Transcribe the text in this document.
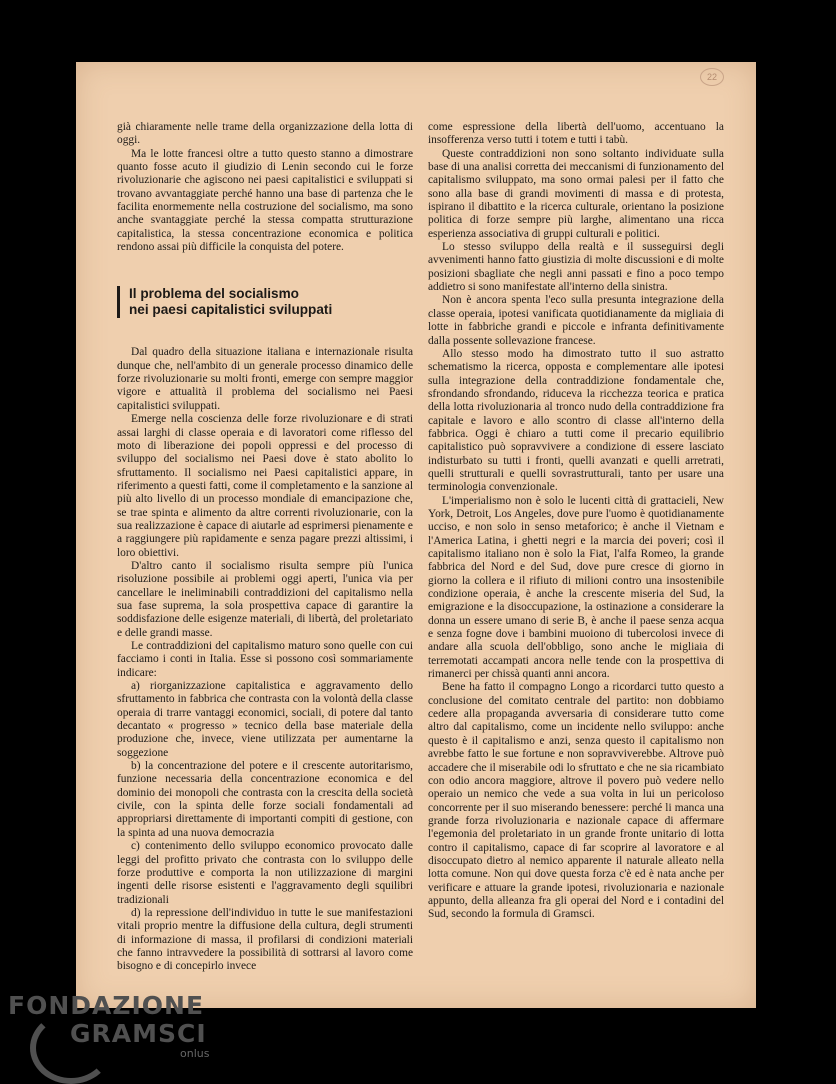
22

già chiaramente nelle trame della organizzazione della lotta di oggi.

Ma le lotte francesi oltre a tutto questo stanno a dimostrare quanto fosse acuto il giudizio di Lenin secondo cui le forze rivoluzionarie che agiscono nei paesi capitalistici e sviluppati si trovano avvantaggiate perché hanno una base di partenza che le facilita enormemente nella costruzione del socialismo, ma sono anche svantaggiate perché la stessa compatta strutturazione capitalistica, la stessa concentrazione economica e politica rendono assai più difficile la conquista del potere.

Il problema del socialismo
nei paesi capitalistici sviluppati

Dal quadro della situazione italiana e internazionale risulta dunque che, nell'ambito di un generale processo dinamico delle forze rivoluzionarie su molti fronti, emerge con sempre maggior vigore e attualità il problema del socialismo nei Paesi capitalistici sviluppati.

Emerge nella coscienza delle forze rivoluzionare e di strati assai larghi di classe operaia e di lavoratori come riflesso del moto di liberazione dei popoli oppressi e del processo di sviluppo del socialismo nei Paesi dove è stato abolito lo sfruttamento. Il socialismo nei Paesi capitalistici appare, in riferimento a questi fatti, come il completamento e la sanzione al più alto livello di un processo mondiale di emancipazione che, se trae spinta e alimento da altre correnti rivoluzionarie, con la sua realizzazione è capace di aiutarle ad esprimersi pienamente e a raggiungere più rapidamente e senza pagare prezzi altissimi, i loro obiettivi.

D'altro canto il socialismo risulta sempre più l'unica risoluzione possibile ai problemi oggi aperti, l'unica via per cancellare le ineliminabili contraddizioni del capitalismo nella sua fase suprema, la sola prospettiva capace di garantire la soddisfazione delle esigenze materiali, di libertà, del proletariato e delle grandi masse.

Le contraddizioni del capitalismo maturo sono quelle con cui facciamo i conti in Italia. Esse si possono così sommariamente indicare:

a) riorganizzazione capitalistica e aggravamento dello sfruttamento in fabbrica che contrasta con la volontà della classe operaia di trarre vantaggi economici, sociali, di potere dal tanto decantato « progresso » tecnico della base materiale della produzione che, invece, viene utilizzata per aumentarne la soggezione

b) la concentrazione del potere e il crescente autoritarismo, funzione necessaria della concentrazione economica e del dominio dei monopoli che contrasta con la crescita della società civile, con la spinta delle forze sociali fondamentali ad appropriarsi direttamente di importanti compiti di gestione, con la spinta ad una nuova democrazia

c) contenimento dello sviluppo economico provocato dalle leggi del profitto privato che contrasta con lo sviluppo delle forze produttive e comporta la non utilizzazione di margini ingenti delle risorse esistenti e l'aggravamento degli squilibri tradizionali

d) la repressione dell'individuo in tutte le sue manifestazioni vitali proprio mentre la diffusione della cultura, degli strumenti di informazione di massa, il profilarsi di condizioni materiali che fanno intravvedere la possibilità di sottrarsi al lavoro come bisogno e di concepirlo invece

come espressione della libertà dell'uomo, accentuano la insofferenza verso tutti i totem e tutti i tabù.

Queste contraddizioni non sono soltanto individuate sulla base di una analisi corretta dei meccanismi di funzionamento del capitalismo sviluppato, ma sono ormai palesi per il fatto che sono alla base di grandi movimenti di massa e di protesta, ispirano il dibattito e la ricerca culturale, orientano la posizione politica di forze sempre più larghe, alimentano una ricca esperienza associativa di gruppi culturali e politici.

Lo stesso sviluppo della realtà e il susseguirsi degli avvenimenti hanno fatto giustizia di molte discussioni e di molte posizioni sbagliate che negli anni passati e fino a poco tempo addietro si sono manifestate all'interno della sinistra.

Non è ancora spenta l'eco sulla presunta integrazione della classe operaia, ipotesi vanificata quotidianamente da migliaia di lotte in fabbriche grandi e piccole e infranta definitivamente dalla possente sollevazione francese.

Allo stesso modo ha dimostrato tutto il suo astratto schematismo la ricerca, opposta e complementare alle ipotesi sulla integrazione della contraddizione fondamentale che, sfrondando sfrondando, riduceva la ricchezza teorica e pratica della lotta rivoluzionaria al tronco nudo della contraddizione fra capitale e lavoro e allo scontro di classe all'interno della fabbrica. Oggi è chiaro a tutti come il precario equilibrio capitalistico può sopravvivere a condizione di essere lasciato indisturbato su tutti i fronti, quelli avanzati e quelli arretrati, quelli strutturali e quelli sovrastrutturali, tanto per usare una terminologia convenzionale.

L'imperialismo non è solo le lucenti città di grattacieli, New York, Detroit, Los Angeles, dove pure l'uomo è quotidianamente ucciso, e non solo in senso metaforico; è anche il Vietnam e l'America Latina, i ghetti negri e la marcia dei poveri; così il capitalismo italiano non è solo la Fiat, l'alfa Romeo, la grande fabbrica del Nord e del Sud, dove pure cresce di giorno in giorno la collera e il rifiuto di milioni contro una insostenibile condizione operaia, è anche la crescente miseria del Sud, la emigrazione e la disoccupazione, la ostinazione a considerare la donna un essere umano di serie B, è anche il paese senza acqua e senza fogne dove i bambini muoiono di tubercolosi invece di andare alla scuola dell'obbligo, sono anche le migliaia di terremotati accampati ancora nelle tende con la prospettiva di rimanerci per chissà quanti anni ancora.

Bene ha fatto il compagno Longo a ricordarci tutto questo a conclusione del comitato centrale del partito: non dobbiamo cedere alla propaganda avversaria di considerare tutto come altro dal capitalismo, come un incidente nello sviluppo: anche questo è il capitalismo e anzi, senza questo il capitalismo non avrebbe fatto le sue fortune e non sopravviverebbe. Altrove può accadere che il miserabile odi lo sfruttato e che ne sia ricambiato con odio ancora maggiore, altrove il povero può vedere nello operaio un nemico che vede a sua volta in lui un pericoloso concorrente per il suo miserando benessere: perché li manca una grande forza rivoluzionaria e nazionale capace di affermare l'egemonia del proletariato in un grande fronte unitario di lotta contro il capitalismo, capace di far scoprire al lavoratore e al disoccupato dietro al nemico apparente il naturale alleato nella lotta comune. Non qui dove questa forza c'è ed è nata anche per verificare e attuare la grande ipotesi, rivoluzionaria e nazionale appunto, della alleanza fra gli operai del Nord e i contadini del Sud, secondo la formula di Gramsci.

FONDAZIONE
GRAMSCI
onlus
